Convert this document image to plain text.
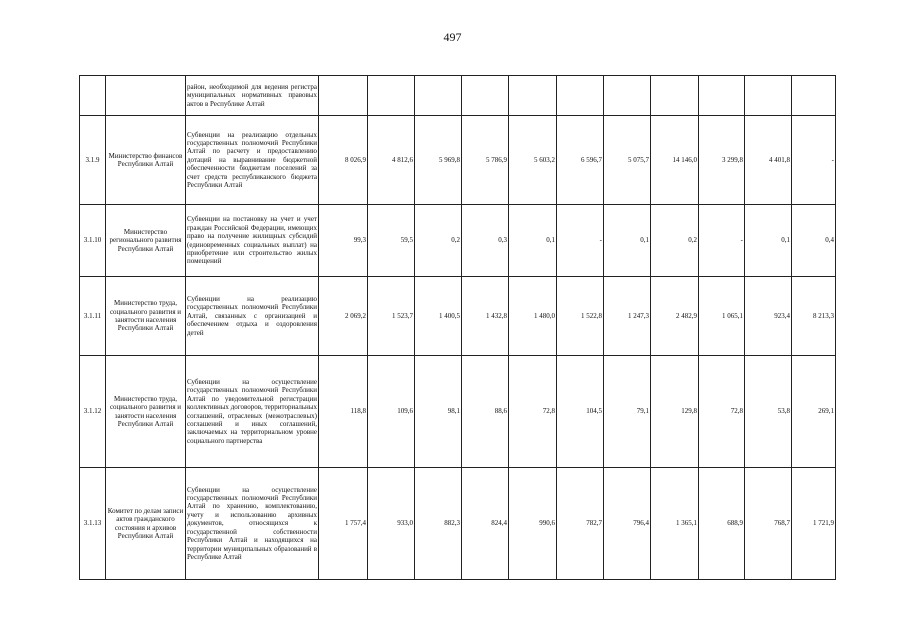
497
		район, необходимой для ведения регистра муниципальных нормативных правовых актов в Республике Алтай											
3.1.9	Министерство финансов Республики Алтай	Субвенции на реализацию отдельных государственных полномочий Республики Алтай по расчету и предоставлению дотаций на выравнивание бюджетной обеспеченности бюджетам поселений за счет средств республиканского бюджета Республики Алтай	8 026,9	4 812,6	5 969,8	5 786,9	5 603,2	6 596,7	5 075,7	14 146,0	3 299,8	4 401,8	-
3.1.10	Министерство регионального развития Республики Алтай	Субвенции на постановку на учет и учет граждан Российской Федерации, имеющих право на получение жилищных субсидий (единовременных социальных выплат) на приобретение или строительство жилых помещений	99,3	59,5	0,2	0,3	0,1	-	0,1	0,2	-	0,1	0,4
3.1.11	Министерство труда, социального развития и занятости населения Республики Алтай	Субвенции на реализацию государственных полномочий Республики Алтай, связанных с организацией и обеспечением отдыха и оздоровления детей	2 069,2	1 523,7	1 400,5	1 432,8	1 480,0	1 522,8	1 247,3	2 482,9	1 065,1	923,4	8 213,3
3.1.12	Министерство труда, социального развития и занятости населения Республики Алтай	Субвенции на осуществление государственных полномочий Республики Алтай по уведомительной регистрации коллективных договоров, территориальных соглашений, отраслевых (межотраслевых) соглашений и иных соглашений, заключаемых на территориальном уровне социального партнерства	118,8	109,6	98,1	88,6	72,8	104,5	79,1	129,8	72,8	53,8	269,1
3.1.13	Комитет по делам записи актов гражданского состояния и архивов Республики Алтай	Субвенции на осуществление государственных полномочий Республики Алтай по хранению, комплектованию, учету и использованию архивных документов, относящихся к государственной собственности Республики Алтай и находящихся на территории муниципальных образований в Республике Алтай	1 757,4	933,0	882,3	824,4	990,6	782,7	796,4	1 365,1	688,9	768,7	1 721,9
